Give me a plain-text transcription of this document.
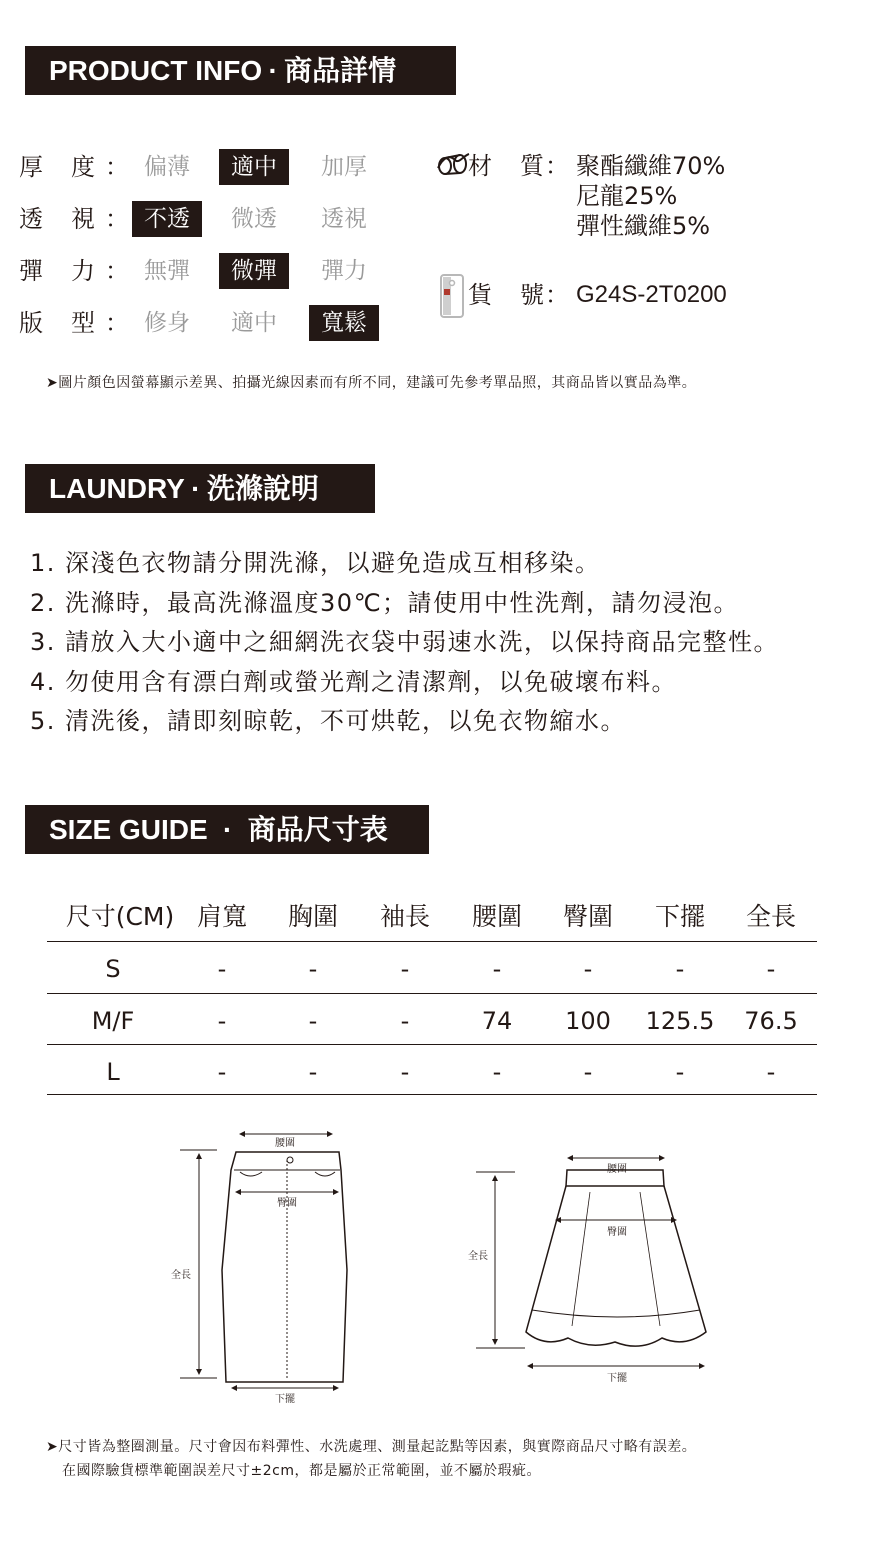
PRODUCT INFO · 商品詳情
厚 度 ： 偏薄	適中	加厚
透 視 ： 不透	微透	透視
彈 力 ： 無彈	微彈	彈力
版 型 ： 修身	適中	寬鬆
材 質 ： 聚酯纖維70%
尼龍25%
彈性纖維5%
貨 號 ： G24S-2T0200
➤圖片顏色因螢幕顯示差異、拍攝光線因素而有所不同，建議可先參考單品照，其商品皆以實品為準。
LAUNDRY · 洗滌說明
1. 深淺色衣物請分開洗滌，以避免造成互相移染。
2. 洗滌時，最高洗滌溫度30℃；請使用中性洗劑，請勿浸泡。
3. 請放入大小適中之細網洗衣袋中弱速水洗，以保持商品完整性。
4. 勿使用含有漂白劑或螢光劑之清潔劑，以免破壞布料。
5. 清洗後，請即刻晾乾，不可烘乾，以免衣物縮水。
SIZE GUIDE · 商品尺寸表
尺寸(CM) 肩寬	胸圍	袖長	腰圍	臀圍	下擺	全長
S	-	-	-	-	-	-	-
M/F	-	-	-	74	100	125.5	76.5
L	-	-	-	-	-	-	-
腰圍
臀圍
全長
下擺
腰圍
臀圍
全長
下擺
➤尺寸皆為整圈測量。尺寸會因布料彈性、水洗處理、測量起訖點等因素，與實際商品尺寸略有誤差。
在國際驗貨標準範圍誤差尺寸±2cm，都是屬於正常範圍，並不屬於瑕疵。
